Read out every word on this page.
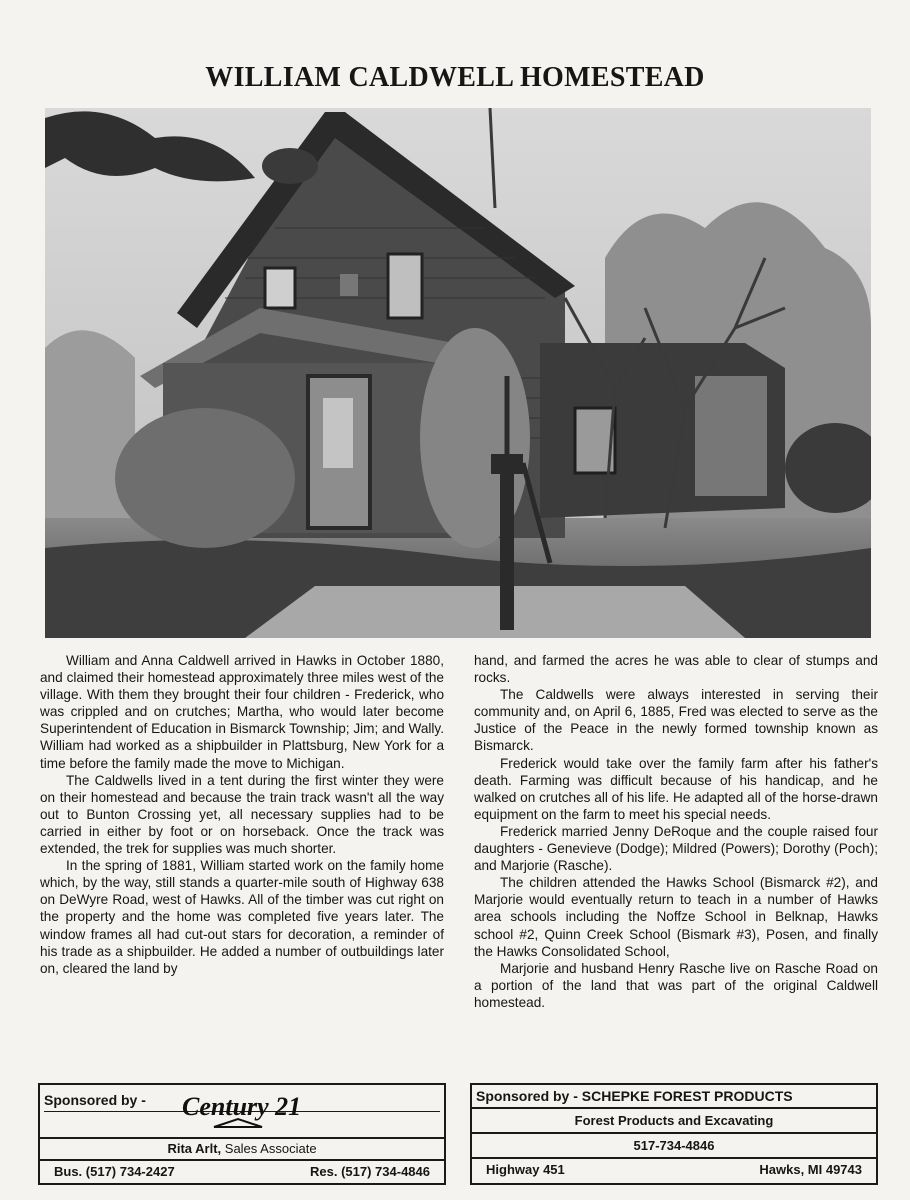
WILLIAM CALDWELL HOMESTEAD

William and Anna Caldwell arrived in Hawks in October 1880, and claimed their homestead approximately three miles west of the village. With them they brought their four children - Frederick, who was crippled and on crutches; Martha, who would later become Superintendent of Education in Bismarck Township; Jim; and Wally. William had worked as a shipbuilder in Plattsburg, New York for a time before the family made the move to Michigan.

The Caldwells lived in a tent during the first winter they were on their homestead and because the train track wasn't all the way out to Bunton Crossing yet, all necessary supplies had to be carried in either by foot or on horseback. Once the track was extended, the trek for supplies was much shorter.

In the spring of 1881, William started work on the family home which, by the way, still stands a quarter-mile south of Highway 638 on DeWyre Road, west of Hawks. All of the timber was cut right on the property and the home was completed five years later. The window frames all had cut-out stars for decoration, a reminder of his trade as a shipbuilder. He added a number of outbuildings later on, cleared the land by

hand, and farmed the acres he was able to clear of stumps and rocks.

The Caldwells were always interested in serving their community and, on April 6, 1885, Fred was elected to serve as the Justice of the Peace in the newly formed township known as Bismarck.

Frederick would take over the family farm after his father's death. Farming was difficult because of his handicap, and he walked on crutches all of his life. He adapted all of the horse-drawn equipment on the farm to meet his special needs.

Frederick married Jenny DeRoque and the couple raised four daughters - Genevieve (Dodge); Mildred (Powers); Dorothy (Poch); and Marjorie (Rasche).

The children attended the Hawks School (Bismarck #2), and Marjorie would eventually return to teach in a number of Hawks area schools including the Noffze School in Belknap, Hawks school #2, Quinn Creek School (Bismark #3), Posen, and finally the Hawks Consolidated School,

Marjorie and husband Henry Rasche live on Rasche Road on a portion of the land that was part of the original Caldwell homestead.

Sponsored by - Century 21
Rita Arlt, Sales Associate
Bus. (517) 734-2427	Res. (517) 734-4846
Sponsored by - SCHEPKE FOREST PRODUCTS
Forest Products and Excavating
517-734-4846
Highway 451	Hawks, MI 49743
